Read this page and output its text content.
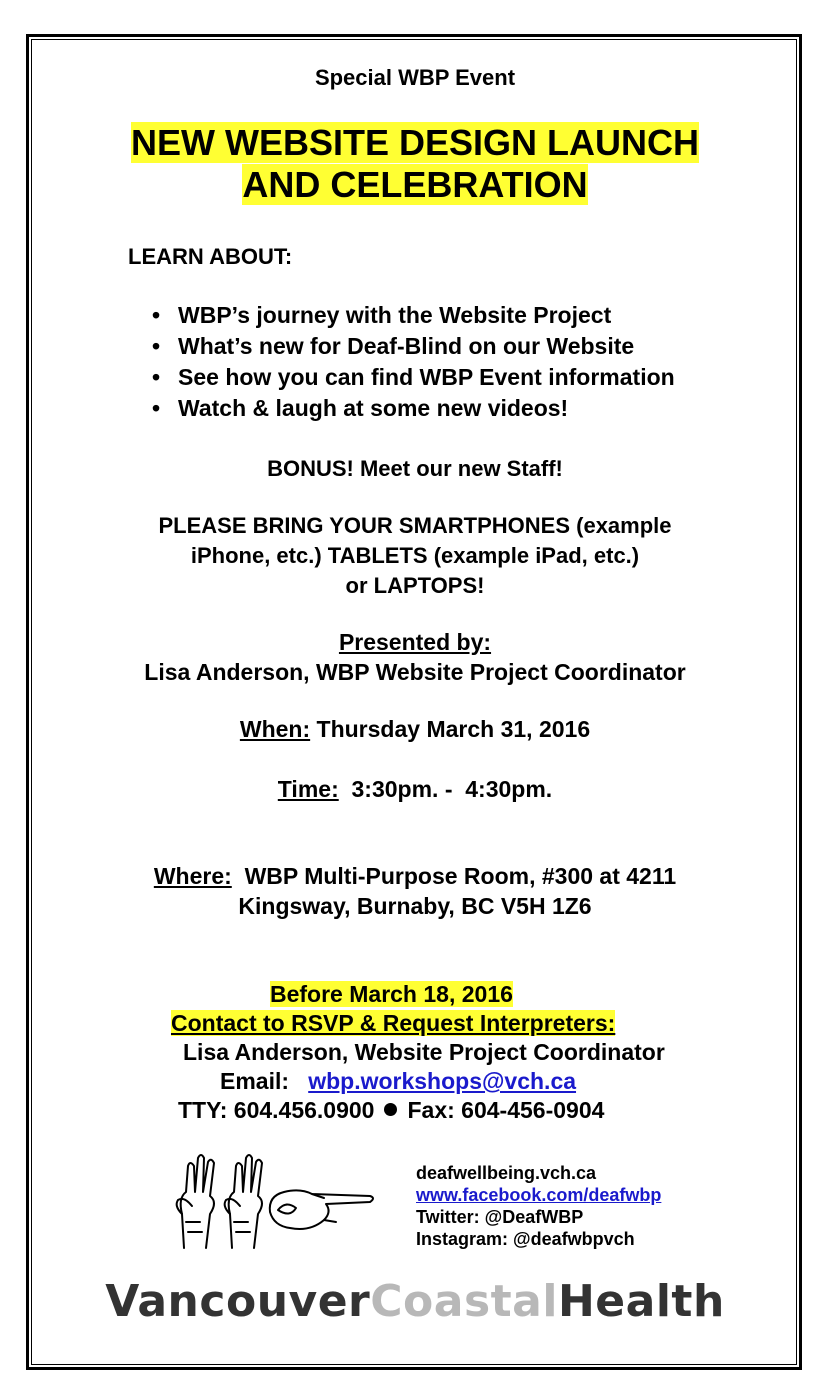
Special WBP Event
NEW WEBSITE DESIGN LAUNCH
AND CELEBRATION
LEARN ABOUT:
• WBP’s journey with the Website Project
• What’s new for Deaf-Blind on our Website
• See how you can find WBP Event information
• Watch & laugh at some new videos!
BONUS! Meet our new Staff!
PLEASE BRING YOUR SMARTPHONES (example
iPhone, etc.) TABLETS (example iPad, etc.)
or LAPTOPS!
Presented by:
Lisa Anderson, WBP Website Project Coordinator
When: Thursday March 31, 2016
Time: 3:30pm. -  4:30pm.
Where: WBP Multi-Purpose Room, #300 at 4211
Kingsway, Burnaby, BC V5H 1Z6
Before March 18, 2016
Contact to RSVP & Request Interpreters:
Lisa Anderson, Website Project Coordinator
Email: wbp.workshops@vch.ca
TTY: 604.456.0900 Fax: 604-456-0904
deafwellbeing.vch.ca
www.facebook.com/deafwbp
Twitter: @DeafWBP
Instagram: @deafwbpvch
VancouverCoastalHealth
